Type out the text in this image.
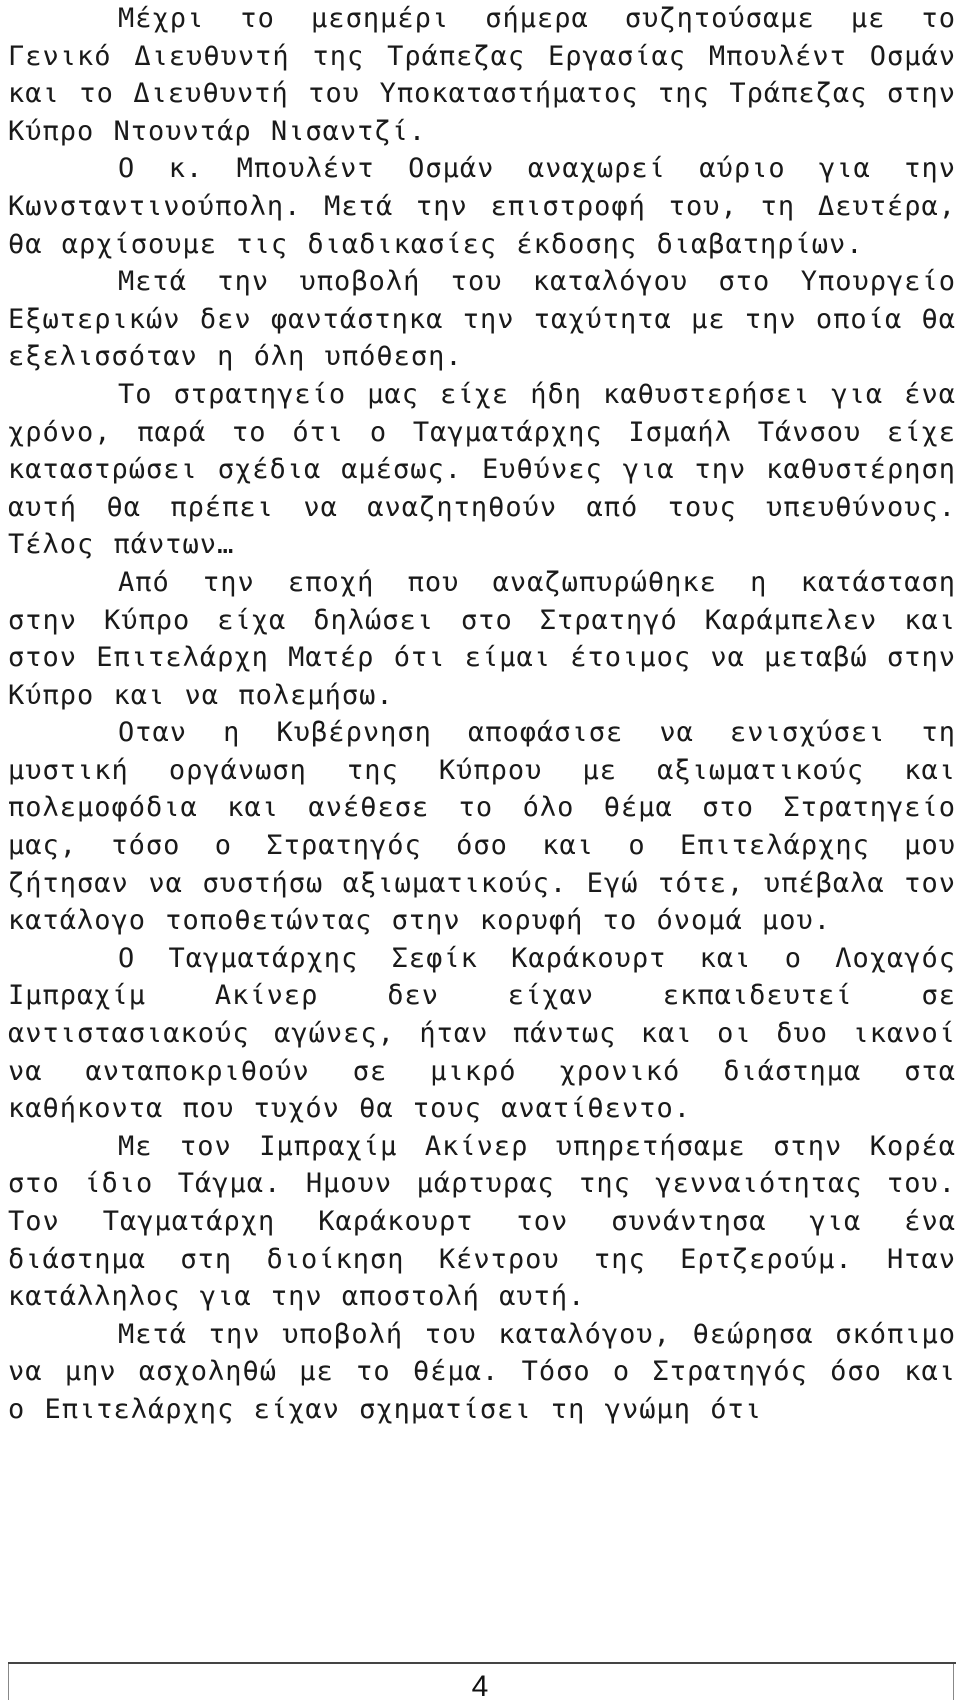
Μέχρι το μεσημέρι σήμερα συζητούσαμε με το Γενικό Διευθυντή της Τράπεζας Εργασίας Μπουλέντ Οσμάν και το Διευθυντή του Υποκαταστήματος της Τράπεζας στην Κύπρο Ντουντάρ Νισαντζί.

Ο κ. Μπουλέντ Οσμάν αναχωρεί αύριο για την Κωνσταντινούπολη. Μετά την επιστροφή του, τη Δευτέρα, θα αρχίσουμε τις διαδικασίες έκδοσης διαβατηρίων.

Μετά την υποβολή του καταλόγου στο Υπουργείο Εξωτερικών δεν φαντάστηκα την ταχύτητα με την οποία θα εξελισσόταν η όλη υπόθεση.

Το στρατηγείο μας είχε ήδη καθυστερήσει για ένα χρόνο, παρά το ότι ο Ταγματάρχης Ισμαήλ Τάνσου είχε καταστρώσει σχέδια αμέσως. Ευθύνες για την καθυστέρηση αυτή θα πρέπει να αναζητηθούν από τους υπευθύνους. Τέλος πάντων…

Από την εποχή που αναζωπυρώθηκε η κατάσταση στην Κύπρο είχα δηλώσει στο Στρατηγό Καράμπελεν και στον Επιτελάρχη Ματέρ ότι είμαι έτοιμος να μεταβώ στην Κύπρο και να πολεμήσω.

Οταν η Κυβέρνηση αποφάσισε να ενισχύσει τη μυστική οργάνωση της Κύπρου με αξιωματικούς και πολεμοφόδια και ανέθεσε το όλο θέμα στο Στρατηγείο μας, τόσο ο Στρατηγός όσο και ο Επιτελάρχης μου ζήτησαν να συστήσω αξιωματικούς. Εγώ τότε, υπέβαλα τον κατάλογο τοποθετώντας στην κορυφή το όνομά μου.

Ο Ταγματάρχης Σεφίκ Καράκουρτ και ο Λοχαγός Ιμπραχίμ Ακίνερ δεν είχαν εκπαιδευτεί σε αντιστασιακούς αγώνες, ήταν πάντως και οι δυο ικανοί να ανταποκριθούν σε μικρό χρονικό διάστημα στα καθήκοντα που τυχόν θα τους ανατίθεντο.

Με τον Ιμπραχίμ Ακίνερ υπηρετήσαμε στην Κορέα στο ίδιο Τάγμα. Ημουν μάρτυρας της γενναιότητας του. Τον Ταγματάρχη Καράκουρτ τον συνάντησα για ένα διάστημα στη διοίκηση Κέντρου της Ερτζερούμ. Ηταν κατάλληλος για την αποστολή αυτή.

Μετά την υποβολή του καταλόγου, θεώρησα σκόπιμο να μην ασχοληθώ με το θέμα. Τόσο ο Στρατηγός όσο και ο Επιτελάρχης είχαν σχηματίσει τη γνώμη ότι

4
